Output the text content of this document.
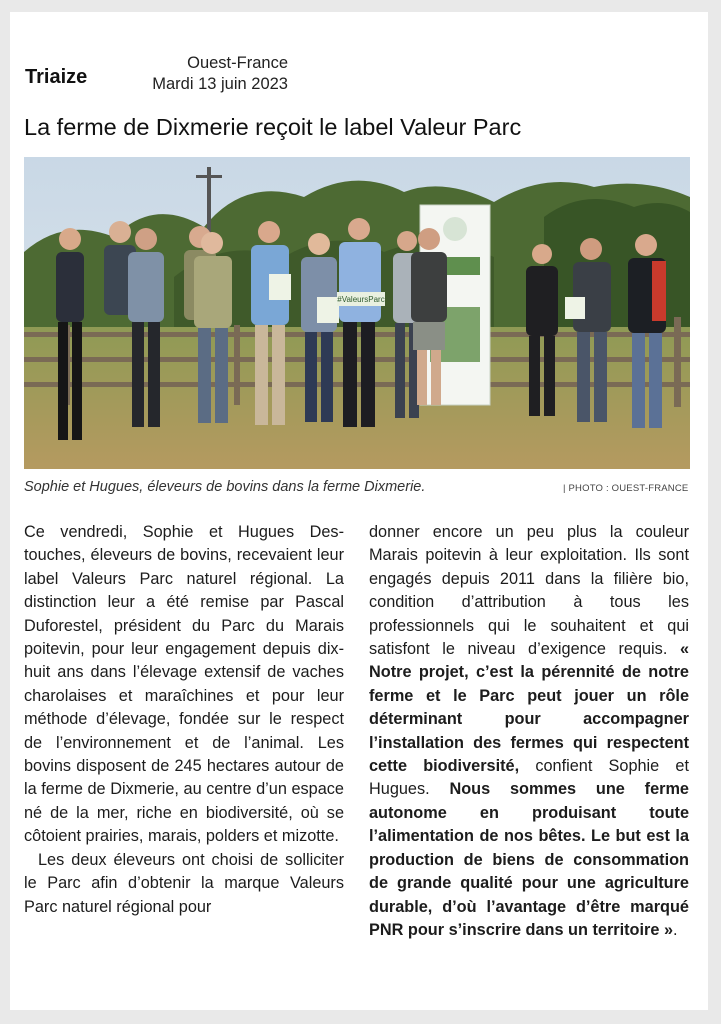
Triaize
Ouest-France
Mardi 13 juin 2023
La ferme de Dixmerie reçoit le label Valeur Parc
#ValeursParc
Sophie et Hugues, éleveurs de bovins dans la ferme Dixmerie.	| PHOTO : OUEST-FRANCE

Ce vendredi, Sophie et Hugues Destouches, éleveurs de bovins, recevaient leur label Valeurs Parc naturel régional. La distinction leur a été remise par Pascal Duforestel, président du Parc du Marais poitevin, pour leur engagement depuis dix-huit ans dans l’élevage extensif de vaches charolaises et maraîchines et pour leur méthode d’élevage, fondée sur le respect de l’environnement et de l’animal. Les bovins disposent de 245 hectares autour de la ferme de Dixmerie, au centre d’un espace né de la mer, riche en biodiversité, où se côtoient prairies, marais, polders et mizotte.

Les deux éleveurs ont choisi de solliciter le Parc afin d’obtenir la marque Valeurs Parc naturel régional pour

donner encore un peu plus la couleur Marais poitevin à leur exploitation. Ils sont engagés depuis 2011 dans la filière bio, condition d’attribution à tous les professionnels qui le souhaitent et qui satisfont le niveau d’exigence requis. « Notre projet, c’est la pérennité de notre ferme et le Parc peut jouer un rôle déterminant pour accompagner l’installation des fermes qui respectent cette biodiversité, confient Sophie et Hugues. Nous sommes une ferme autonome en produisant toute l’alimentation de nos bêtes. Le but est la production de biens de consommation de grande qualité pour une agriculture durable, d’où l’avantage d’être marqué PNR pour s’inscrire dans un territoire ».
